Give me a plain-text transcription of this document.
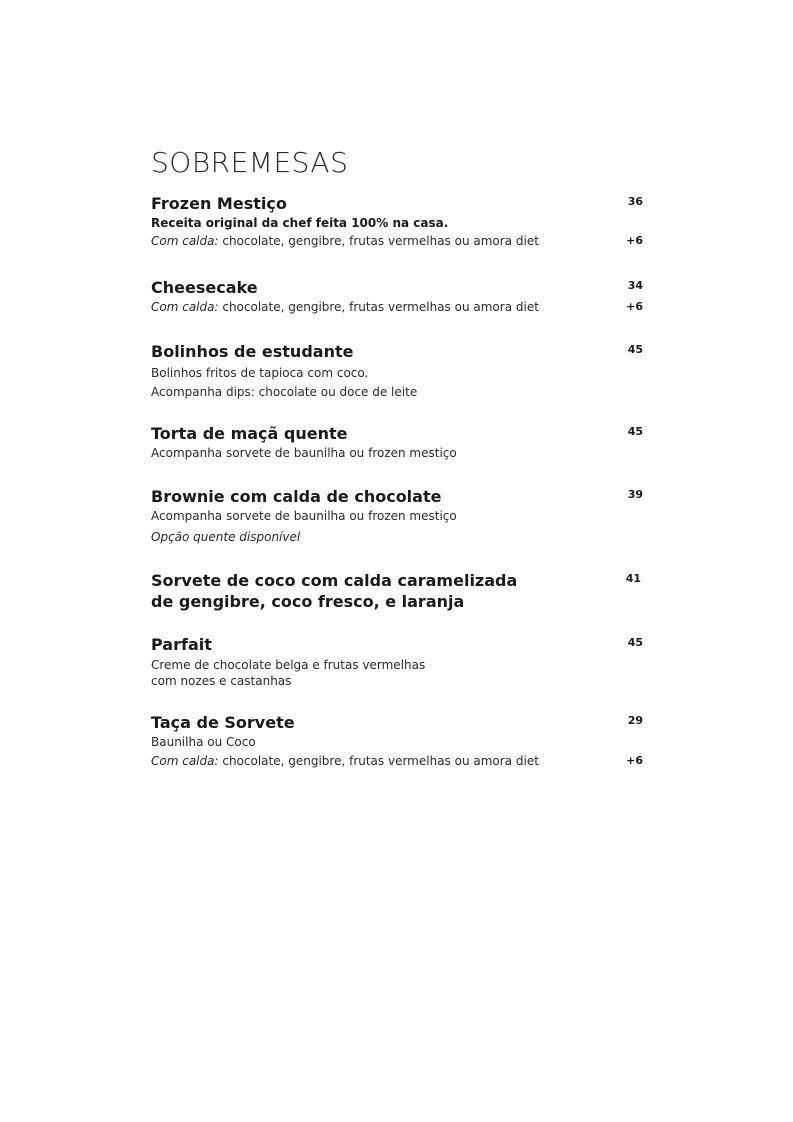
SOBREMESAS
Frozen Mestiço	36
Receita original da chef feita 100% na casa.
Com calda: chocolate, gengibre, frutas vermelhas ou amora diet	+6
Cheesecake	34
Com calda: chocolate, gengibre, frutas vermelhas ou amora diet	+6
Bolinhos de estudante	45
Bolinhos fritos de tapioca com coco.
Acompanha dips: chocolate ou doce de leite
Torta de maçã quente	45
Acompanha sorvete de baunilha ou frozen mestiço
Brownie com calda de chocolate	39
Acompanha sorvete de baunilha ou frozen mestiço
Opção quente disponível
Sorvete de coco com calda caramelizada
de gengibre, coco fresco, e laranja
41
Parfait	45
Creme de chocolate belga e frutas vermelhas
com nozes e castanhas
Taça de Sorvete	29
Baunilha ou Coco
Com calda: chocolate, gengibre, frutas vermelhas ou amora diet	+6
